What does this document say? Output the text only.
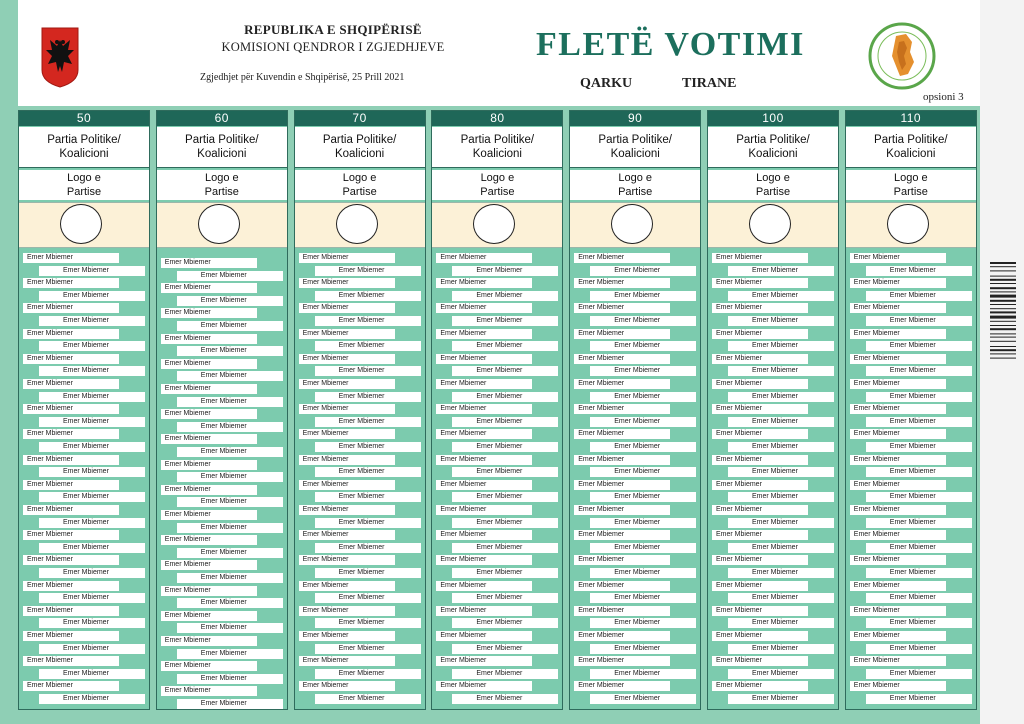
REPUBLIKA E SHQIPËRISË
KOMISIONI QENDROR I ZGJEDHJEVE
Zgjedhjet për Kuvendin e Shqipërisë, 25 Prill 2021
FLETË VOTIMI
QARKU	TIRANE
opsioni 3
50
Partia Politike/ Koalicioni
Logo e Partise
Emer Mbiemer
Emer Mbiemer
Emer Mbiemer
Emer Mbiemer
Emer Mbiemer
Emer Mbiemer
Emer Mbiemer
Emer Mbiemer
Emer Mbiemer
Emer Mbiemer
Emer Mbiemer
Emer Mbiemer
Emer Mbiemer
Emer Mbiemer
Emer Mbiemer
Emer Mbiemer
Emer Mbiemer
Emer Mbiemer
Emer Mbiemer
Emer Mbiemer
Emer Mbiemer
Emer Mbiemer
Emer Mbiemer
Emer Mbiemer
Emer Mbiemer
Emer Mbiemer
Emer Mbiemer
Emer Mbiemer
Emer Mbiemer
Emer Mbiemer
Emer Mbiemer
Emer Mbiemer
Emer Mbiemer
Emer Mbiemer
Emer Mbiemer
Emer Mbiemer
60
Partia Politike/ Koalicioni
Logo e Partise
Emer Mbiemer
Emer Mbiemer
Emer Mbiemer
Emer Mbiemer
Emer Mbiemer
Emer Mbiemer
Emer Mbiemer
Emer Mbiemer
Emer Mbiemer
Emer Mbiemer
Emer Mbiemer
Emer Mbiemer
Emer Mbiemer
Emer Mbiemer
Emer Mbiemer
Emer Mbiemer
Emer Mbiemer
Emer Mbiemer
Emer Mbiemer
Emer Mbiemer
Emer Mbiemer
Emer Mbiemer
Emer Mbiemer
Emer Mbiemer
Emer Mbiemer
Emer Mbiemer
Emer Mbiemer
Emer Mbiemer
Emer Mbiemer
Emer Mbiemer
Emer Mbiemer
Emer Mbiemer
Emer Mbiemer
Emer Mbiemer
Emer Mbiemer
Emer Mbiemer
70
Partia Politike/ Koalicioni
Logo e Partise
Emer Mbiemer
Emer Mbiemer
Emer Mbiemer
Emer Mbiemer
Emer Mbiemer
Emer Mbiemer
Emer Mbiemer
Emer Mbiemer
Emer Mbiemer
Emer Mbiemer
Emer Mbiemer
Emer Mbiemer
Emer Mbiemer
Emer Mbiemer
Emer Mbiemer
Emer Mbiemer
Emer Mbiemer
Emer Mbiemer
Emer Mbiemer
Emer Mbiemer
Emer Mbiemer
Emer Mbiemer
Emer Mbiemer
Emer Mbiemer
Emer Mbiemer
Emer Mbiemer
Emer Mbiemer
Emer Mbiemer
Emer Mbiemer
Emer Mbiemer
Emer Mbiemer
Emer Mbiemer
Emer Mbiemer
Emer Mbiemer
Emer Mbiemer
Emer Mbiemer
80
Partia Politike/ Koalicioni
Logo e Partise
Emer Mbiemer
Emer Mbiemer
Emer Mbiemer
Emer Mbiemer
Emer Mbiemer
Emer Mbiemer
Emer Mbiemer
Emer Mbiemer
Emer Mbiemer
Emer Mbiemer
Emer Mbiemer
Emer Mbiemer
Emer Mbiemer
Emer Mbiemer
Emer Mbiemer
Emer Mbiemer
Emer Mbiemer
Emer Mbiemer
Emer Mbiemer
Emer Mbiemer
Emer Mbiemer
Emer Mbiemer
Emer Mbiemer
Emer Mbiemer
Emer Mbiemer
Emer Mbiemer
Emer Mbiemer
Emer Mbiemer
Emer Mbiemer
Emer Mbiemer
Emer Mbiemer
Emer Mbiemer
Emer Mbiemer
Emer Mbiemer
Emer Mbiemer
Emer Mbiemer
90
Partia Politike/ Koalicioni
Logo e Partise
Emer Mbiemer
Emer Mbiemer
Emer Mbiemer
Emer Mbiemer
Emer Mbiemer
Emer Mbiemer
Emer Mbiemer
Emer Mbiemer
Emer Mbiemer
Emer Mbiemer
Emer Mbiemer
Emer Mbiemer
Emer Mbiemer
Emer Mbiemer
Emer Mbiemer
Emer Mbiemer
Emer Mbiemer
Emer Mbiemer
Emer Mbiemer
Emer Mbiemer
Emer Mbiemer
Emer Mbiemer
Emer Mbiemer
Emer Mbiemer
Emer Mbiemer
Emer Mbiemer
Emer Mbiemer
Emer Mbiemer
Emer Mbiemer
Emer Mbiemer
Emer Mbiemer
Emer Mbiemer
Emer Mbiemer
Emer Mbiemer
Emer Mbiemer
Emer Mbiemer
100
Partia Politike/ Koalicioni
Logo e Partise
Emer Mbiemer
Emer Mbiemer
Emer Mbiemer
Emer Mbiemer
Emer Mbiemer
Emer Mbiemer
Emer Mbiemer
Emer Mbiemer
Emer Mbiemer
Emer Mbiemer
Emer Mbiemer
Emer Mbiemer
Emer Mbiemer
Emer Mbiemer
Emer Mbiemer
Emer Mbiemer
Emer Mbiemer
Emer Mbiemer
Emer Mbiemer
Emer Mbiemer
Emer Mbiemer
Emer Mbiemer
Emer Mbiemer
Emer Mbiemer
Emer Mbiemer
Emer Mbiemer
Emer Mbiemer
Emer Mbiemer
Emer Mbiemer
Emer Mbiemer
Emer Mbiemer
Emer Mbiemer
Emer Mbiemer
Emer Mbiemer
Emer Mbiemer
Emer Mbiemer
110
Partia Politike/ Koalicioni
Logo e Partise
Emer Mbiemer
Emer Mbiemer
Emer Mbiemer
Emer Mbiemer
Emer Mbiemer
Emer Mbiemer
Emer Mbiemer
Emer Mbiemer
Emer Mbiemer
Emer Mbiemer
Emer Mbiemer
Emer Mbiemer
Emer Mbiemer
Emer Mbiemer
Emer Mbiemer
Emer Mbiemer
Emer Mbiemer
Emer Mbiemer
Emer Mbiemer
Emer Mbiemer
Emer Mbiemer
Emer Mbiemer
Emer Mbiemer
Emer Mbiemer
Emer Mbiemer
Emer Mbiemer
Emer Mbiemer
Emer Mbiemer
Emer Mbiemer
Emer Mbiemer
Emer Mbiemer
Emer Mbiemer
Emer Mbiemer
Emer Mbiemer
Emer Mbiemer
Emer Mbiemer
